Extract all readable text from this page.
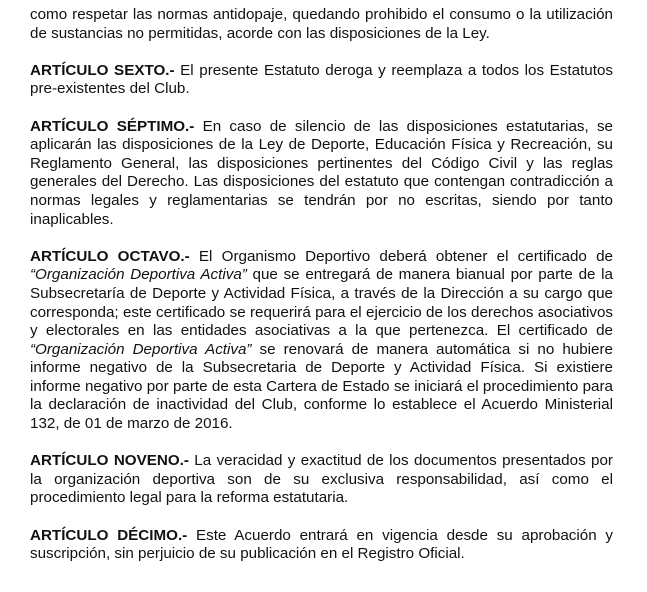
como respetar las normas antidopaje, quedando prohibido el consumo o la utilización de sustancias no permitidas, acorde con las disposiciones de la Ley.

ARTÍCULO SEXTO.- El presente Estatuto deroga y reemplaza a todos los Estatutos pre-existentes del Club.

ARTÍCULO SÉPTIMO.- En caso de silencio de las disposiciones estatutarias, se aplicarán las disposiciones de la Ley de Deporte, Educación Física y Recreación, su Reglamento General, las disposiciones pertinentes del Código Civil y las reglas generales del Derecho. Las disposiciones del estatuto que contengan contradicción a normas legales y reglamentarias se tendrán por no escritas, siendo por tanto inaplicables.

ARTÍCULO OCTAVO.- El Organismo Deportivo deberá obtener el certificado de “Organización Deportiva Activa” que se entregará de manera bianual por parte de la Subsecretaría de Deporte y Actividad Física, a través de la Dirección a su cargo que corresponda; este certificado se requerirá para el ejercicio de los derechos asociativos y electorales en las entidades asociativas a la que pertenezca. El certificado de “Organización Deportiva Activa” se renovará de manera automática si no hubiere informe negativo de la Subsecretaria de Deporte y Actividad Física. Si existiere informe negativo por parte de esta Cartera de Estado se iniciará el procedimiento para la declaración de inactividad del Club, conforme lo establece el Acuerdo Ministerial 132, de 01 de marzo de 2016.

ARTÍCULO NOVENO.- La veracidad y exactitud de los documentos presentados por la organización deportiva son de su exclusiva responsabilidad, así como el procedimiento legal para la reforma estatutaria.

ARTÍCULO DÉCIMO.- Este Acuerdo entrará en vigencia desde su aprobación y suscripción, sin perjuicio de su publicación en el Registro Oficial.
